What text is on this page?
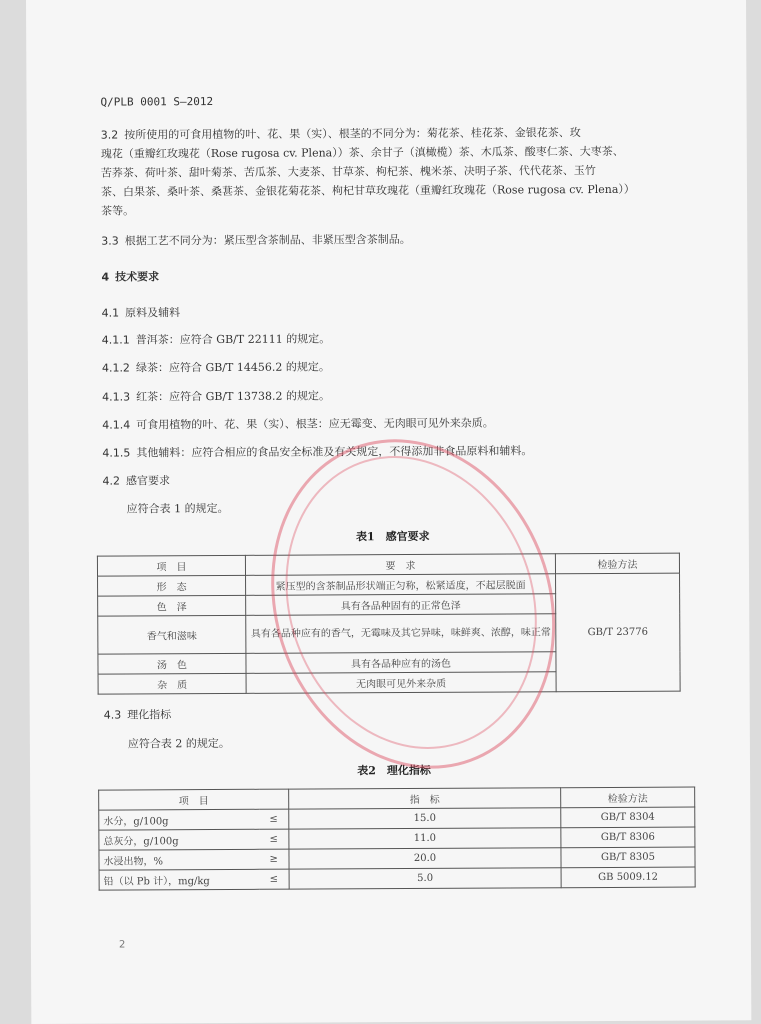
Q/PLB 0001 S—2012
3.2 按所使用的可食用植物的叶、花、果（实）、根茎的不同分为：菊花茶、桂花茶、金银花茶、玫
瑰花（重瓣红玫瑰花（Rose rugosa cv. Plena））茶、余甘子（滇橄榄）茶、木瓜茶、酸枣仁茶、大枣茶、
苦荞茶、荷叶茶、甜叶菊茶、苦瓜茶、大麦茶、甘草茶、枸杞茶、槐米茶、决明子茶、代代花茶、玉竹
茶、白果茶、桑叶茶、桑葚茶、金银花菊花茶、枸杞甘草玫瑰花（重瓣红玫瑰花（Rose rugosa cv. Plena））
茶等。
3.3 根据工艺不同分为：紧压型含茶制品、非紧压型含茶制品。
4 技术要求
4.1 原料及辅料
4.1.1 普洱茶：应符合 GB/T 22111 的规定。
4.1.2 绿茶：应符合 GB/T 14456.2 的规定。
4.1.3 红茶：应符合 GB/T 13738.2 的规定。
4.1.4 可食用植物的叶、花、果（实）、根茎：应无霉变、无肉眼可见外来杂质。
4.1.5 其他辅料：应符合相应的食品安全标准及有关规定，不得添加非食品原料和辅料。
4.2 感官要求
应符合表 1 的规定。
表1　感官要求
项　目	要　求	检验方法
形　态	紧压型的含茶制品形状端正匀称，松紧适度，不起层脱面	GB/T 23776
色　泽	具有各品种固有的正常色泽	
香气和滋味	具有各品种应有的香气，无霉味及其它异味，味鲜爽、浓醇，味正常	
汤　色	具有各品种应有的汤色	
杂　质	无肉眼可见外来杂质	
4.3 理化指标
应符合表 2 的规定。
表2　理化指标
项　目		指　标	检验方法
水分，g/100g	≤	15.0	GB/T 8304
总灰分，g/100g	≤	11.0	GB/T 8306
水浸出物，%	≥	20.0	GB/T 8305
铅（以 Pb 计），mg/kg	≤	5.0	GB 5009.12
2
